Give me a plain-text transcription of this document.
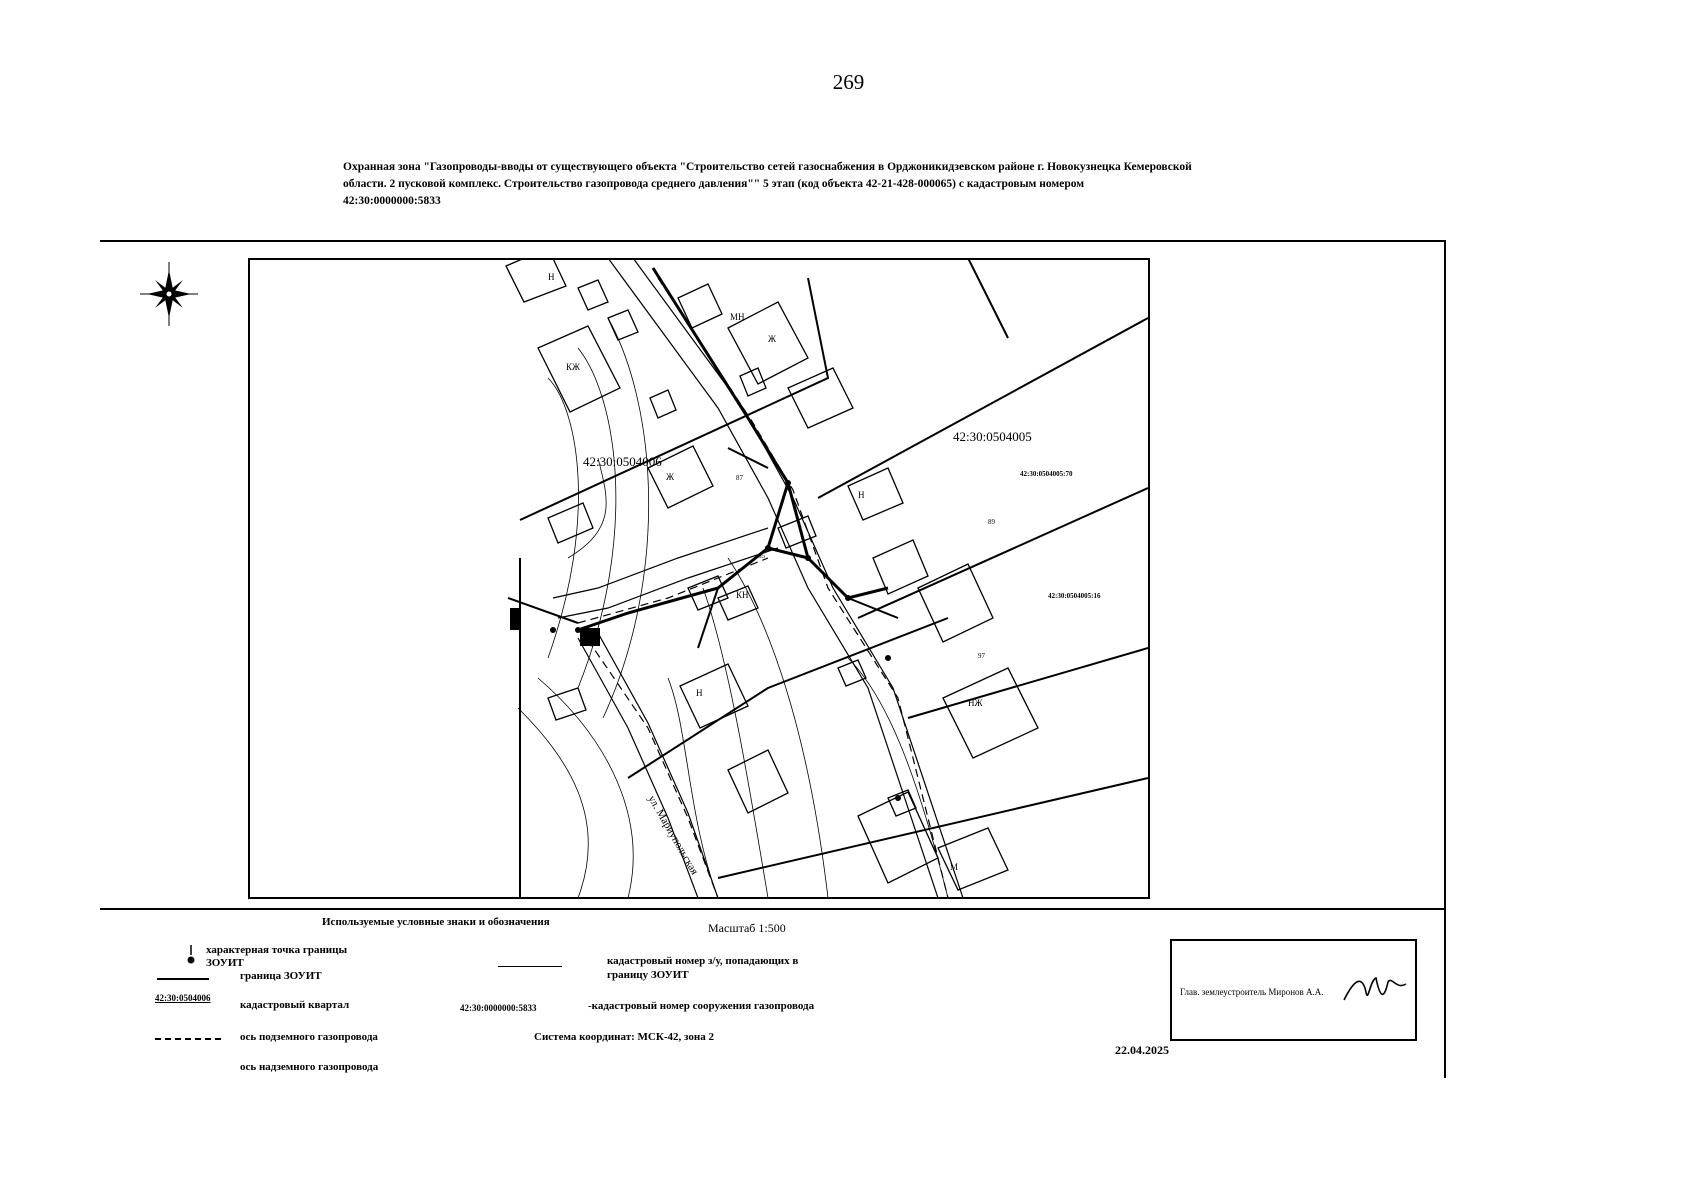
269
Охранная зона "Газопроводы-вводы от существующего объекта "Строительство сетей газоснабжения в Орджоникидзевском районе г. Новокузнецка Кемеровской
области. 2 пусковой комплекс. Строительство газопровода среднего давления"" 5 этап (код объекта 42-21-428-000065) с кадастровым номером
42:30:0000000:5833
42:30:0504006
42:30:0504005
42:30:0504005:70
42:30:0504005:16
ул. Мариупольская
Н
КЖ
МН
Ж
НЖ
Н
Н
Ж
КН
М
87
65
97
89
Используемые условные знаки и обозначения	Масштаб 1:500
характерная точка границы
ЗОУИТ
граница ЗОУИТ
42:30:0504006
кадастровый квартал
ось подземного газопровода
ось надземного газопровода
кадастровый номер з/у, попадающих в
границу ЗОУИТ
42:30:0000000:5833	-кадастровый номер сооружения газопровода
Система координат: МСК-42, зона 2
Глав. землеустроитель Миронов А.А.
22.04.2025
